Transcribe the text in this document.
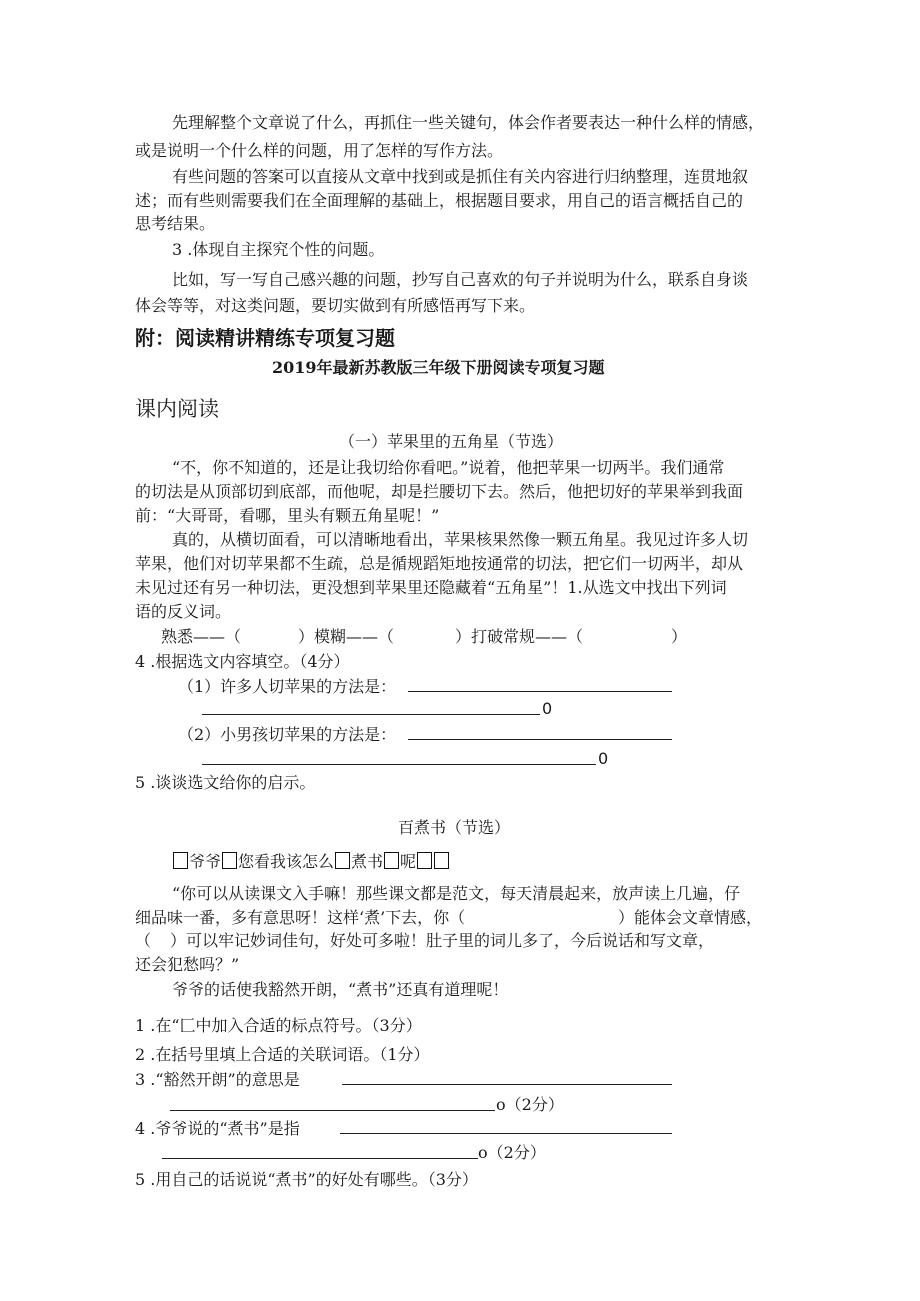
先理解整个文章说了什么，再抓住一些关键句，体会作者要表达一种什么样的情感，
或是说明一个什么样的问题，用了怎样的写作方法。
有些问题的答案可以直接从文章中找到或是抓住有关内容进行归纳整理，连贯地叙
述；而有些则需要我们在全面理解的基础上，根据题目要求，用自己的语言概括自己的
思考结果。
3 .体现自主探究个性的问题。
比如，写一写自己感兴趣的问题，抄写自己喜欢的句子并说明为什么，联系自身谈
体会等等，对这类问题，要切实做到有所感悟再写下来。
附：阅读精讲精练专项复习题
2019年最新苏教版三年级下册阅读专项复习题
课内阅读
（一）苹果里的五角星（节选）
“不，你不知道的，还是让我切给你看吧。”说着，他把苹果一切两半。我们通常
的切法是从顶部切到底部，而他呢，却是拦腰切下去。然后，他把切好的苹果举到我面
前：“大哥哥，看哪，里头有颗五角星呢！”
真的，从横切面看，可以清晰地看出，苹果核果然像一颗五角星。我见过许多人切
苹果，他们对切苹果都不生疏，总是循规蹈矩地按通常的切法，把它们一切两半，却从
未见过还有另一种切法，更没想到苹果里还隐藏着“五角星”！1.从选文中找出下列词
语的反义词。
熟悉——（	）模糊——（	）打破常规——（	）
4 .根据选文内容填空。（4分）
（1）许多人切苹果的方法是：
0
（2）小男孩切苹果的方法是：
0
5 .谈谈选文给你的启示。
百煮书（节选）
爷爷 您看我该怎么 煮书 呢
“你可以从读课文入手嘛！那些课文都是范文，每天清晨起来，放声读上几遍，仔
细品味一番，多有意思呀！这样‘煮’下去，你（	）能体会文章情感，
（ ）可以牢记妙词佳句，好处可多啦！肚子里的词儿多了，今后说话和写文章，
还会犯愁吗？”
爷爷的话使我豁然开朗，“煮书”还真有道理呢！
1 .在“匚中加入合适的标点符号。（3分）
2 .在括号里填上合适的关联词语。（1分）
3 .“豁然开朗”的意思是
o（2分）
4 .爷爷说的“煮书”是指
o（2分）
5 .用自己的话说说“煮书”的好处有哪些。（3分）
